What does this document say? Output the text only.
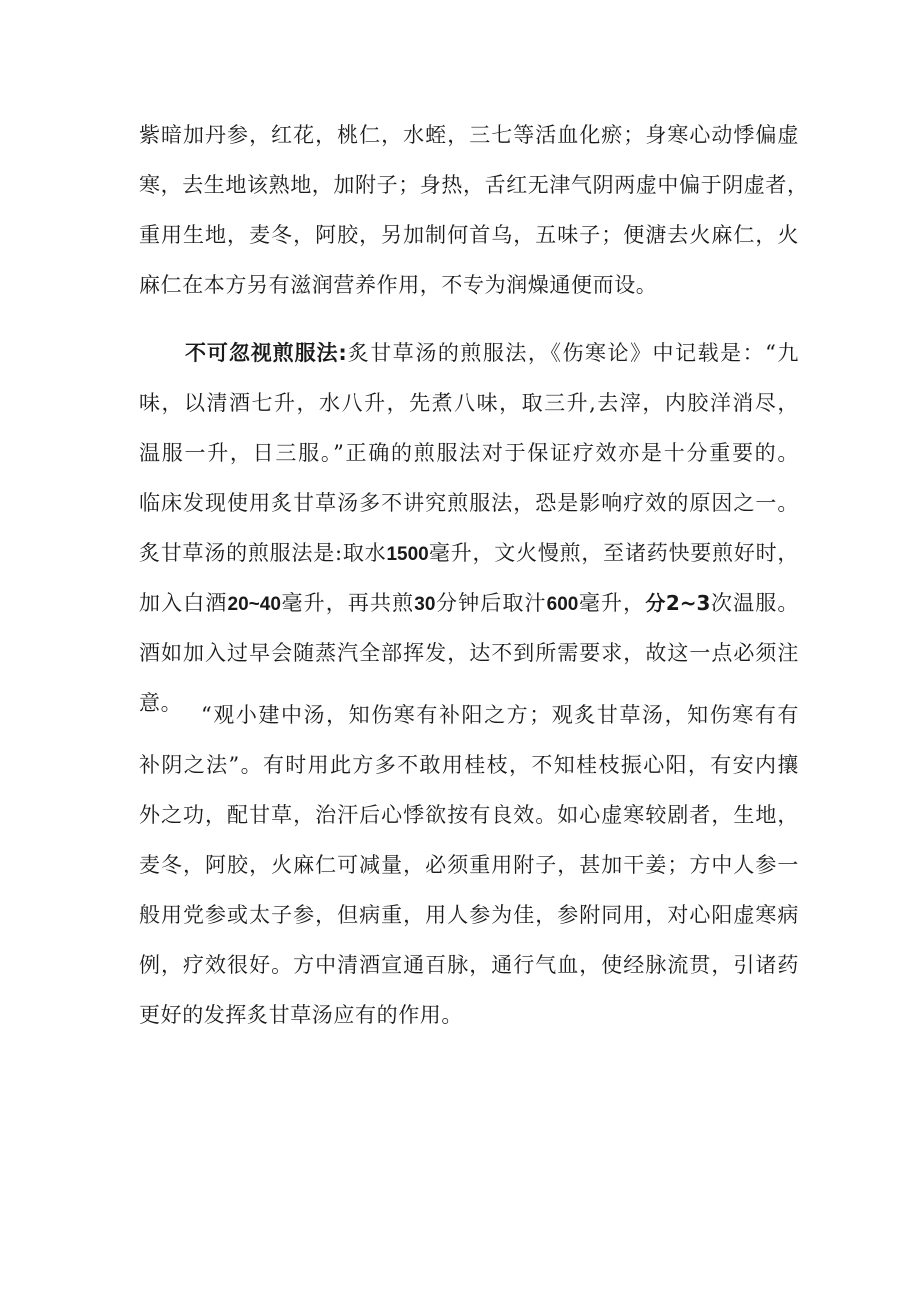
紫暗加丹参，红花，桃仁，水蛭，三七等活血化瘀；身寒心动悸偏虚
寒，去生地该熟地，加附子；身热，舌红无津气阴两虚中偏于阴虚者，
重用生地，麦冬，阿胶，另加制何首乌，五味子；便溏去火麻仁，火
麻仁在本方另有滋润营养作用，不专为润燥通便而设。
不可忽视煎服法:炙甘草汤的煎服法，《伤寒论》中记载是：“九
味，以清酒七升，水八升，先煮八味，取三升,去滓，内胶洋消尽，
温服一升，日三服。”正确的煎服法对于保证疗效亦是十分重要的。
临床发现使用炙甘草汤多不讲究煎服法，恐是影响疗效的原因之一。
炙甘草汤的煎服法是:取水1500毫升，文火慢煎，至诸药快要煎好时，
加入白酒20~40毫升，再共煎30分钟后取汁600毫升，分2~3次温服。
酒如加入过早会随蒸汽全部挥发，达不到所需要求，故这一点必须注
意。 “观小建中汤，知伤寒有补阳之方；观炙甘草汤，知伤寒有有
补阴之法”。有时用此方多不敢用桂枝，不知桂枝振心阳，有安内攘
外之功，配甘草，治汗后心悸欲按有良效。如心虚寒较剧者，生地，
麦冬，阿胶，火麻仁可减量，必须重用附子，甚加干姜；方中人参一
般用党参或太子参，但病重，用人参为佳，参附同用，对心阳虚寒病
例，疗效很好。方中清酒宣通百脉，通行气血，使经脉流贯，引诸药
更好的发挥炙甘草汤应有的作用。
